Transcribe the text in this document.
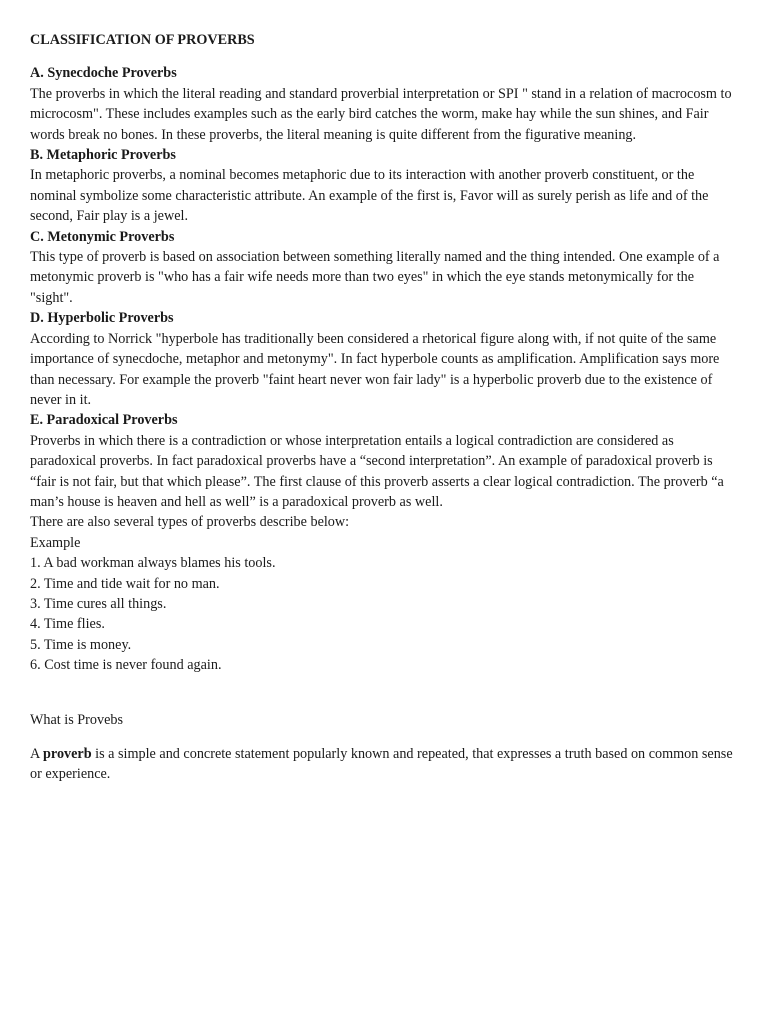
CLASSIFICATION OF PROVERBS
A. Synecdoche Proverbs

The proverbs in which the literal reading and standard proverbial interpretation or SPI " stand in a relation of macrocosm to microcosm". These includes examples such as the early bird catches the worm, make hay while the sun shines, and Fair words break no bones. In these proverbs, the literal meaning is quite different from the figurative meaning.

B. Metaphoric Proverbs

In metaphoric proverbs, a nominal becomes metaphoric due to its interaction with another proverb constituent, or the nominal symbolize some characteristic attribute. An example of the first is, Favor will as surely perish as life and of the second, Fair play is a jewel.

C. Metonymic Proverbs

This type of proverb is based on association between something literally named and the thing intended. One example of a metonymic proverb is "who has a fair wife needs more than two eyes" in which the eye stands metonymically for the "sight".

D. Hyperbolic Proverbs

According to Norrick "hyperbole has traditionally been considered a rhetorical figure along with, if not quite of the same importance of synecdoche, metaphor and metonymy". In fact hyperbole counts as amplification. Amplification says more than necessary. For example the proverb "faint heart never won fair lady" is a hyperbolic proverb due to the existence of never in it.

E. Paradoxical Proverbs

Proverbs in which there is a contradiction or whose interpretation entails a logical contradiction are considered as paradoxical proverbs. In fact paradoxical proverbs have a “second interpretation”. An example of paradoxical proverb is “fair is not fair, but that which please”. The first clause of this proverb asserts a clear logical contradiction. The proverb “a man’s house is heaven and hell as well” is a paradoxical proverb as well.

There are also several types of proverbs describe below:

Example

1. A bad workman always blames his tools.
2. Time and tide wait for no man.
3. Time cures all things.
4. Time flies.
5. Time is money.
6. Cost time is never found again.

What is Provebs

A proverb is a simple and concrete statement popularly known and repeated, that expresses a truth based on common sense or experience.
